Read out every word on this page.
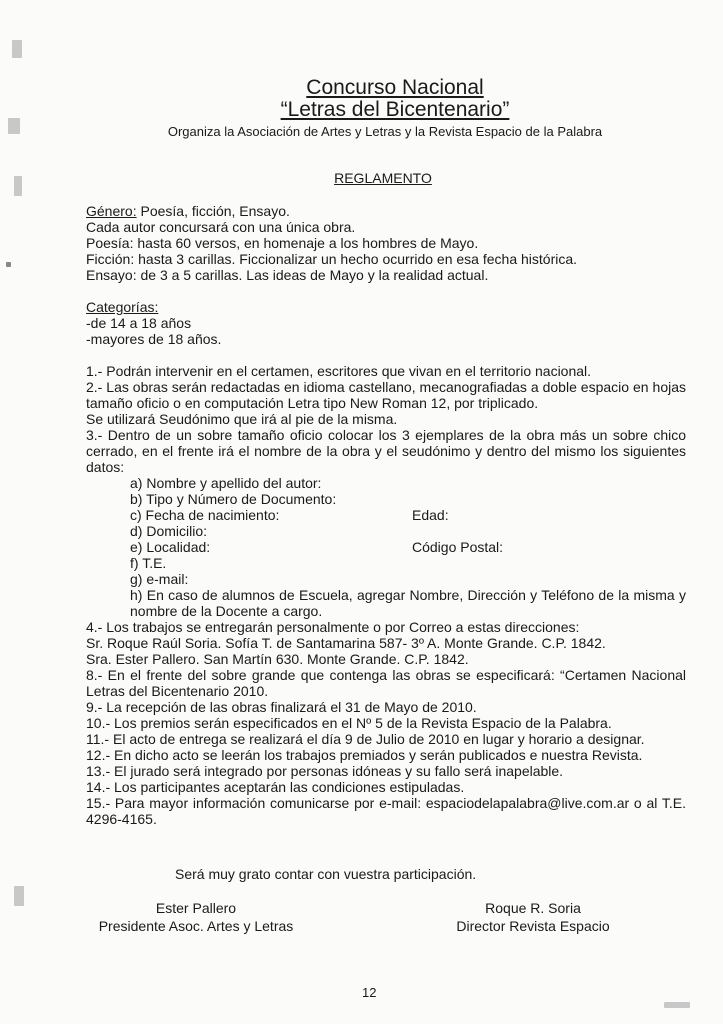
Concurso Nacional
“Letras del Bicentenario”
Organiza la Asociación de Artes y Letras y la Revista Espacio de la Palabra
REGLAMENTO
Género: Poesía, ficción, Ensayo.
Cada autor concursará con una única obra.
Poesía: hasta 60 versos, en homenaje a los hombres de Mayo.
Ficción: hasta 3 carillas. Ficcionalizar un hecho ocurrido en esa fecha histórica.
Ensayo: de 3 a 5 carillas. Las ideas de Mayo y la realidad actual.
Categorías:
-de 14 a 18 años
-mayores de 18 años.
1.- Podrán intervenir en el certamen, escritores que vivan en el territorio nacional.
2.- Las obras serán redactadas en idioma castellano, mecanografiadas a doble espacio en hojas tamaño oficio o en computación Letra tipo New Roman 12, por triplicado.
Se utilizará Seudónimo que irá al pie de la misma.
3.- Dentro de un sobre tamaño oficio colocar los 3 ejemplares de la obra más un sobre chico cerrado, en el frente irá el nombre de la obra y el seudónimo y dentro del mismo los siguientes datos:
a) Nombre y apellido del autor:
b) Tipo y Número de Documento:
c) Fecha de nacimiento:	Edad:
d) Domicilio:
e) Localidad:	Código Postal:
f) T.E.
g) e-mail:
h) En caso de alumnos de Escuela, agregar Nombre, Dirección y Teléfono de la misma y nombre de la Docente a cargo.
4.- Los trabajos se entregarán personalmente o por Correo a estas direcciones:
Sr. Roque Raúl Soria. Sofía T. de Santamarina 587- 3º A. Monte Grande. C.P. 1842.
Sra. Ester Pallero. San Martín 630. Monte Grande. C.P. 1842.
8.- En el frente del sobre grande que contenga las obras se especificará: “Certamen Nacional Letras del Bicentenario 2010.
9.- La recepción de las obras finalizará el 31 de Mayo de 2010.
10.- Los premios serán especificados en el Nº 5 de la Revista Espacio de la Palabra.
11.- El acto de entrega se realizará el día 9 de Julio de 2010 en lugar y horario a designar.
12.- En dicho acto se leerán los trabajos premiados y serán publicados e nuestra Revista.
13.- El jurado será integrado por personas idóneas y su fallo será inapelable.
14.- Los participantes aceptarán las condiciones estipuladas.
15.- Para mayor información comunicarse por e-mail: espaciodelapalabra@live.com.ar o al T.E. 4296-4165.
Será muy grato contar con vuestra participación.
Ester Pallero
Presidente Asoc. Artes y Letras
Roque R. Soria
Director Revista Espacio
12
